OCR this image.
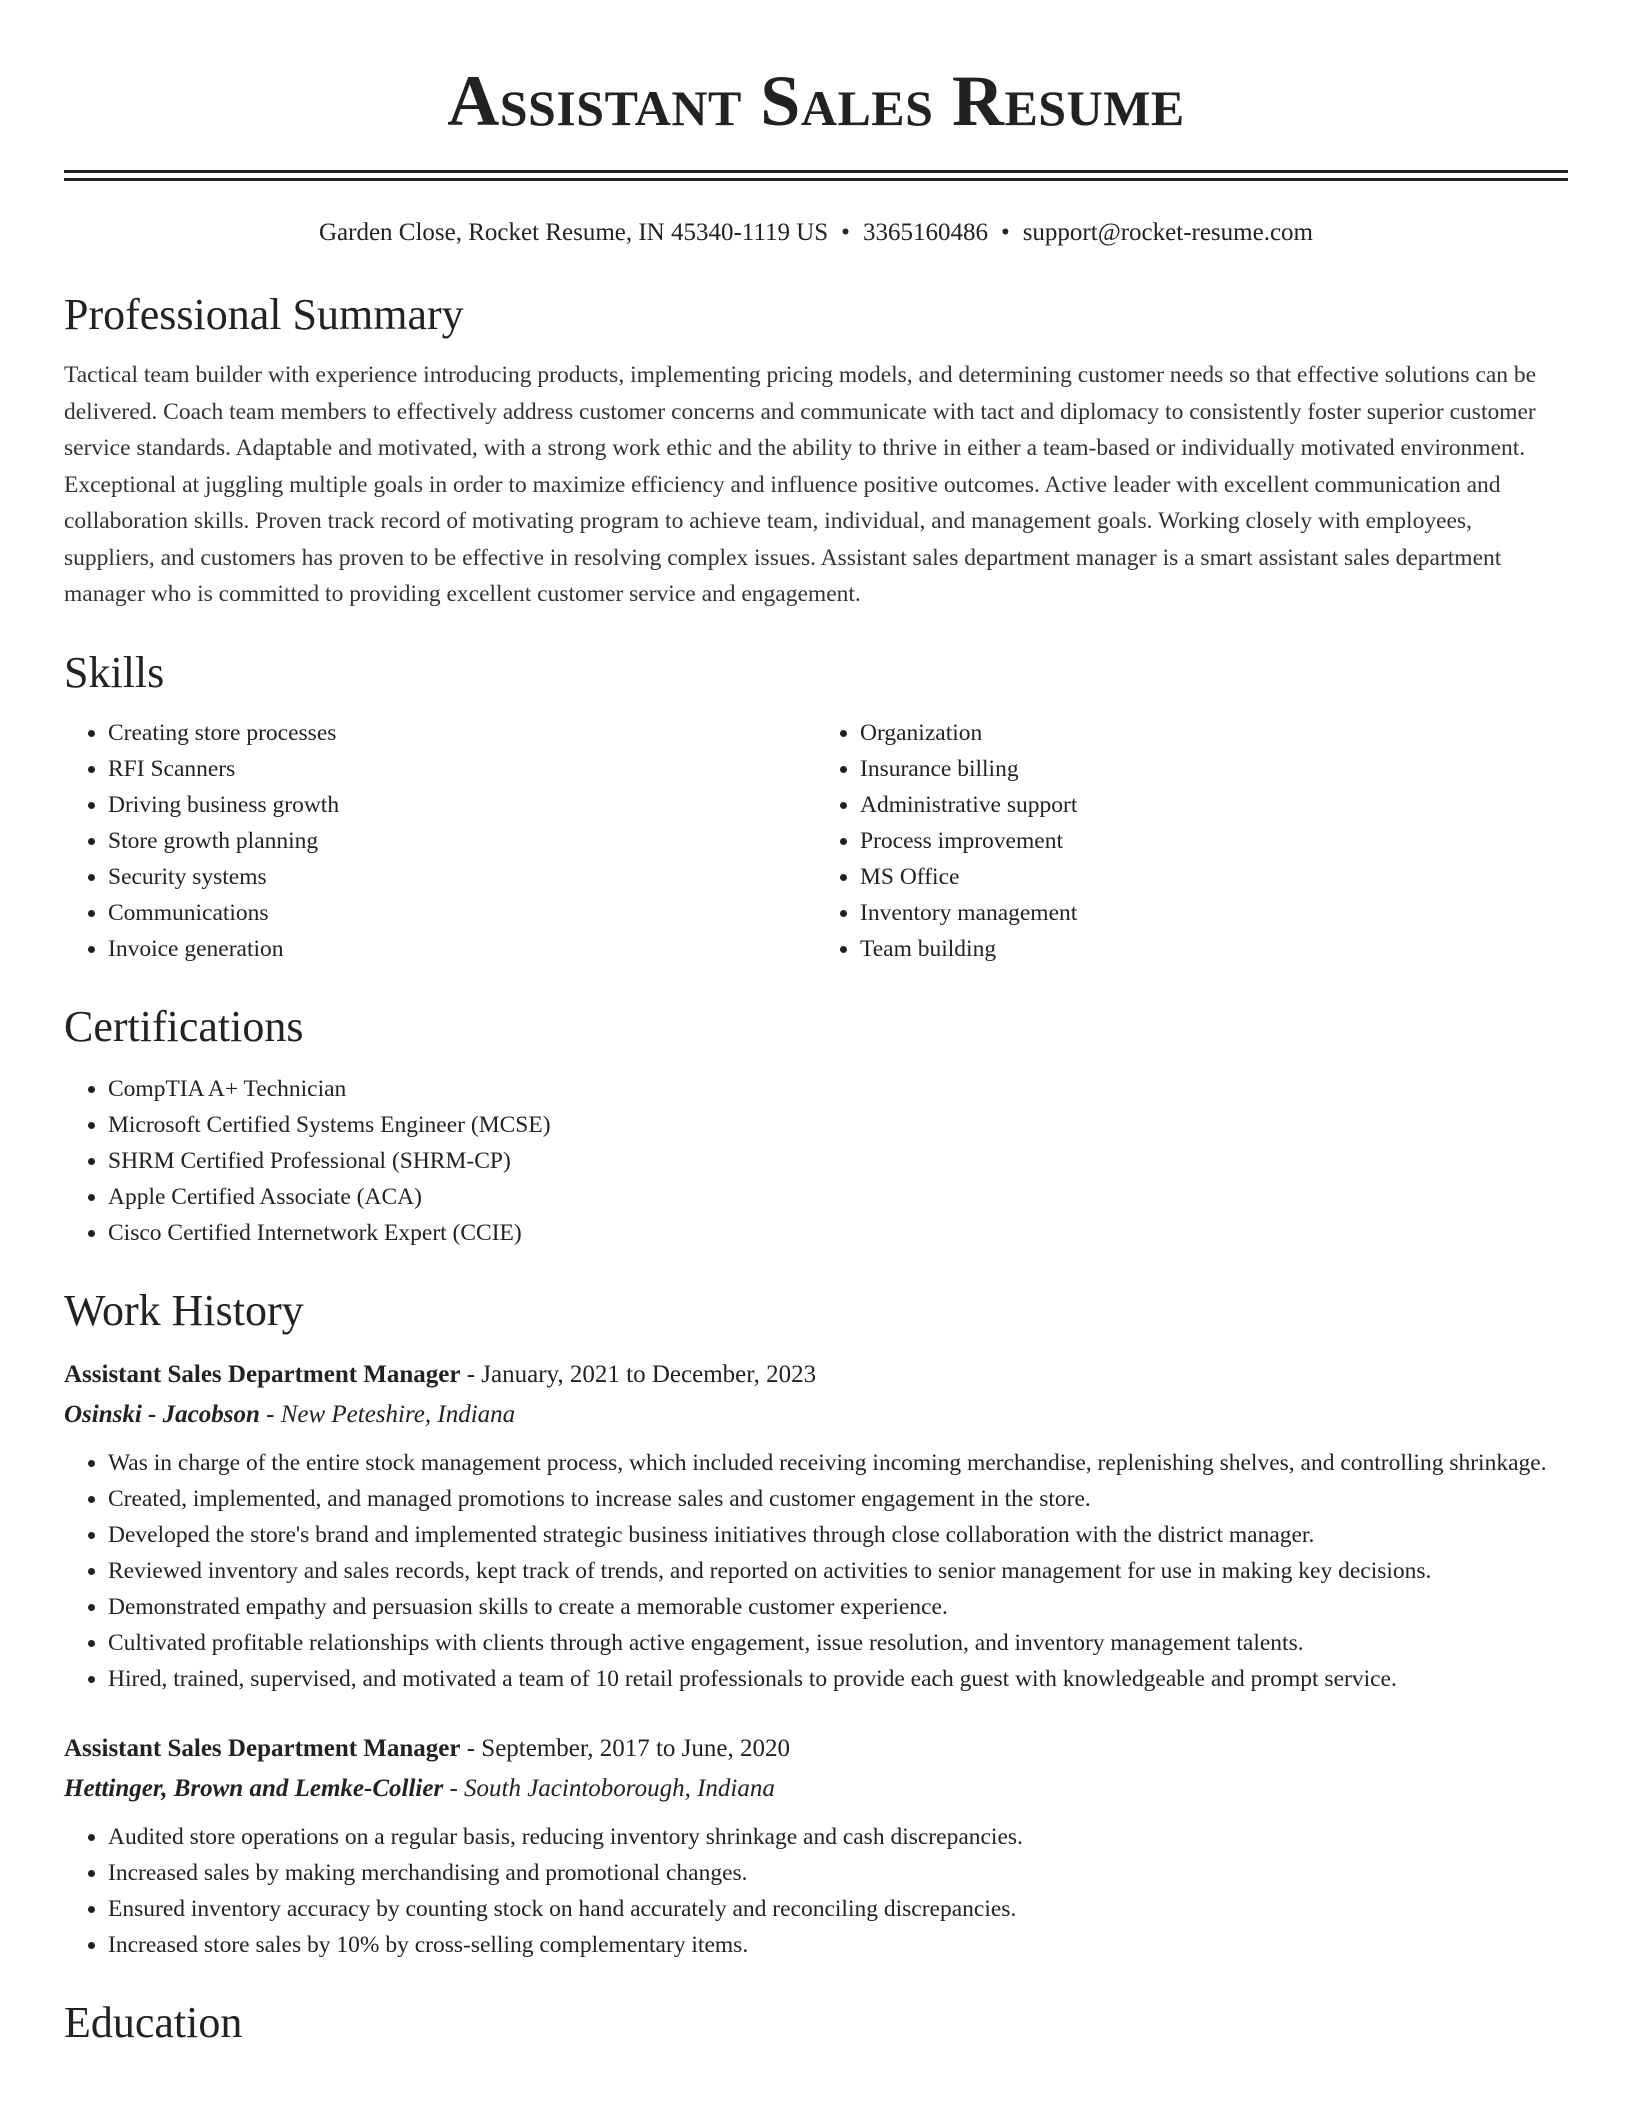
Assistant Sales Resume
Garden Close, Rocket Resume, IN 45340-1119 US • 3365160486 • support@rocket-resume.com
Professional Summary

Tactical team builder with experience introducing products, implementing pricing models, and determining customer needs so that effective solutions can be delivered. Coach team members to effectively address customer concerns and communicate with tact and diplomacy to consistently foster superior customer service standards. Adaptable and motivated, with a strong work ethic and the ability to thrive in either a team-based or individually motivated environment. Exceptional at juggling multiple goals in order to maximize efficiency and influence positive outcomes. Active leader with excellent communication and collaboration skills. Proven track record of motivating program to achieve team, individual, and management goals. Working closely with employees, suppliers, and customers has proven to be effective in resolving complex issues. Assistant sales department manager is a smart assistant sales department manager who is committed to providing excellent customer service and engagement.

Skills
• Creating store processes
• RFI Scanners
• Driving business growth
• Store growth planning
• Security systems
• Communications
• Invoice generation
• Organization
• Insurance billing
• Administrative support
• Process improvement
• MS Office
• Inventory management
• Team building
Certifications
• CompTIA A+ Technician
• Microsoft Certified Systems Engineer (MCSE)
• SHRM Certified Professional (SHRM-CP)
• Apple Certified Associate (ACA)
• Cisco Certified Internetwork Expert (CCIE)
Work History
Assistant Sales Department Manager - January, 2021 to December, 2023
Osinski - Jacobson - New Peteshire, Indiana
• Was in charge of the entire stock management process, which included receiving incoming merchandise, replenishing shelves, and controlling shrinkage.
• Created, implemented, and managed promotions to increase sales and customer engagement in the store.
• Developed the store's brand and implemented strategic business initiatives through close collaboration with the district manager.
• Reviewed inventory and sales records, kept track of trends, and reported on activities to senior management for use in making key decisions.
• Demonstrated empathy and persuasion skills to create a memorable customer experience.
• Cultivated profitable relationships with clients through active engagement, issue resolution, and inventory management talents.
• Hired, trained, supervised, and motivated a team of 10 retail professionals to provide each guest with knowledgeable and prompt service.
Assistant Sales Department Manager - September, 2017 to June, 2020
Hettinger, Brown and Lemke-Collier - South Jacintoborough, Indiana
• Audited store operations on a regular basis, reducing inventory shrinkage and cash discrepancies.
• Increased sales by making merchandising and promotional changes.
• Ensured inventory accuracy by counting stock on hand accurately and reconciling discrepancies.
• Increased store sales by 10% by cross-selling complementary items.
Education
